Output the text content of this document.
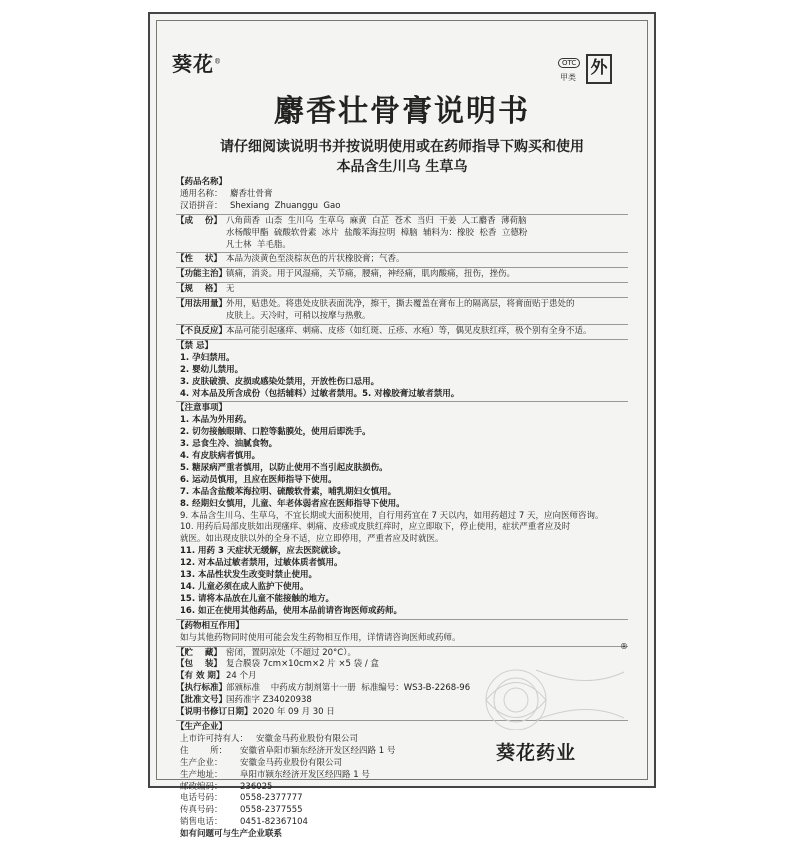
葵花®	OTC
甲类 外
麝香壮骨膏说明书
请仔细阅读说明书并按说明使用或在药师指导下购买和使用
本品含生川乌 生草乌
【药品名称】
通用名称： 麝香壮骨膏
汉语拼音： Shexiang  Zhuanggu  Gao
【成    份】 八角茴香  山柰  生川乌  生草乌  麻黄  白芷  苍术  当归  干姜  人工麝香  薄荷脑
水杨酸甲酯  硫酸软骨素  冰片  盐酸苯海拉明  樟脑  辅料为：橡胶  松香  立德粉
凡士林  羊毛脂。
【性    状】 本品为淡黄色至淡棕灰色的片状橡胶膏；气香。
【功能主治】
镇痛，消炎。用于风湿痛，关节痛，腰痛，神经痛，肌肉酸痛，扭伤，挫伤。
【规    格】 无
【用法用量】
外用，贴患处。将患处皮肤表面洗净，擦干，撕去覆盖在膏布上的隔离层，将膏面贴于患处的
皮肤上。天冷时，可稍以按摩与热敷。
【不良反应】
本品可能引起瘙痒、刺痛、皮疹（如红斑、丘疹、水疱）等，偶见皮肤红痒，极个别有全身不适。
【禁 忌】
1. 孕妇禁用。
2. 婴幼儿禁用。
3. 皮肤破溃、皮损或感染处禁用，开放性伤口忌用。
4. 对本品及所含成份（包括辅料）过敏者禁用。5. 对橡胶膏过敏者禁用。
【注意事项】
1. 本品为外用药。
2. 切勿接触眼睛、口腔等黏膜处，使用后即洗手。
3. 忌食生冷、油腻食物。
4. 有皮肤病者慎用。
5. 糖尿病严重者慎用，以防止使用不当引起皮肤损伤。
6. 运动员慎用，且应在医师指导下使用。
7. 本品含盐酸苯海拉明、硫酸软骨素，哺乳期妇女慎用。
8. 经期妇女慎用，儿童、年老体弱者应在医师指导下使用。
9. 本品含生川乌、生草乌，不宜长期或大面积使用，自行用药宜在 7 天以内，如用药超过 7 天，应向医师咨询。
10. 用药后局部皮肤如出现瘙痒、刺痛、皮疹或皮肤红痒时，应立即取下，停止使用，症状严重者应及时
就医。如出现皮肤以外的全身不适，应立即停用，严重者应及时就医。
11. 用药 3 天症状无缓解，应去医院就诊。
12. 对本品过敏者禁用，过敏体质者慎用。
13. 本品性状发生改变时禁止使用。
14. 儿童必须在成人监护下使用。
15. 请将本品放在儿童不能接触的地方。
16. 如正在使用其他药品，使用本品前请咨询医师或药师。
【药物相互作用】
如与其他药物同时使用可能会发生药物相互作用，详情请咨询医师或药师。
【贮    藏】 密闭，置阴凉处（不超过 20°C）。
【包    装】 复合膜袋 7cm×10cm×2 片 ×5 袋 / 盒
【有 效 期】 24 个月
【执行标准】
部颁标准    中药成方制剂第十一册  标准编号：WS3-B-2268-96
【批准文号】
国药准字 Z34020938
【说明书修订日期】 2020 年 09 月 30 日
【生产企业】
上市许可持有人： 安徽金马药业股份有限公司
住        所：	安徽省阜阳市颍东经济开发区经四路 1 号
生产企业：	安徽金马药业股份有限公司
生产地址：	阜阳市颍东经济开发区经四路 1 号
邮政编码：	236025
电话号码：	0558-2377777
传真号码：	0558-2377555
销售电话：	0451-82367104
如有问题可与生产企业联系
®
葵花药业
